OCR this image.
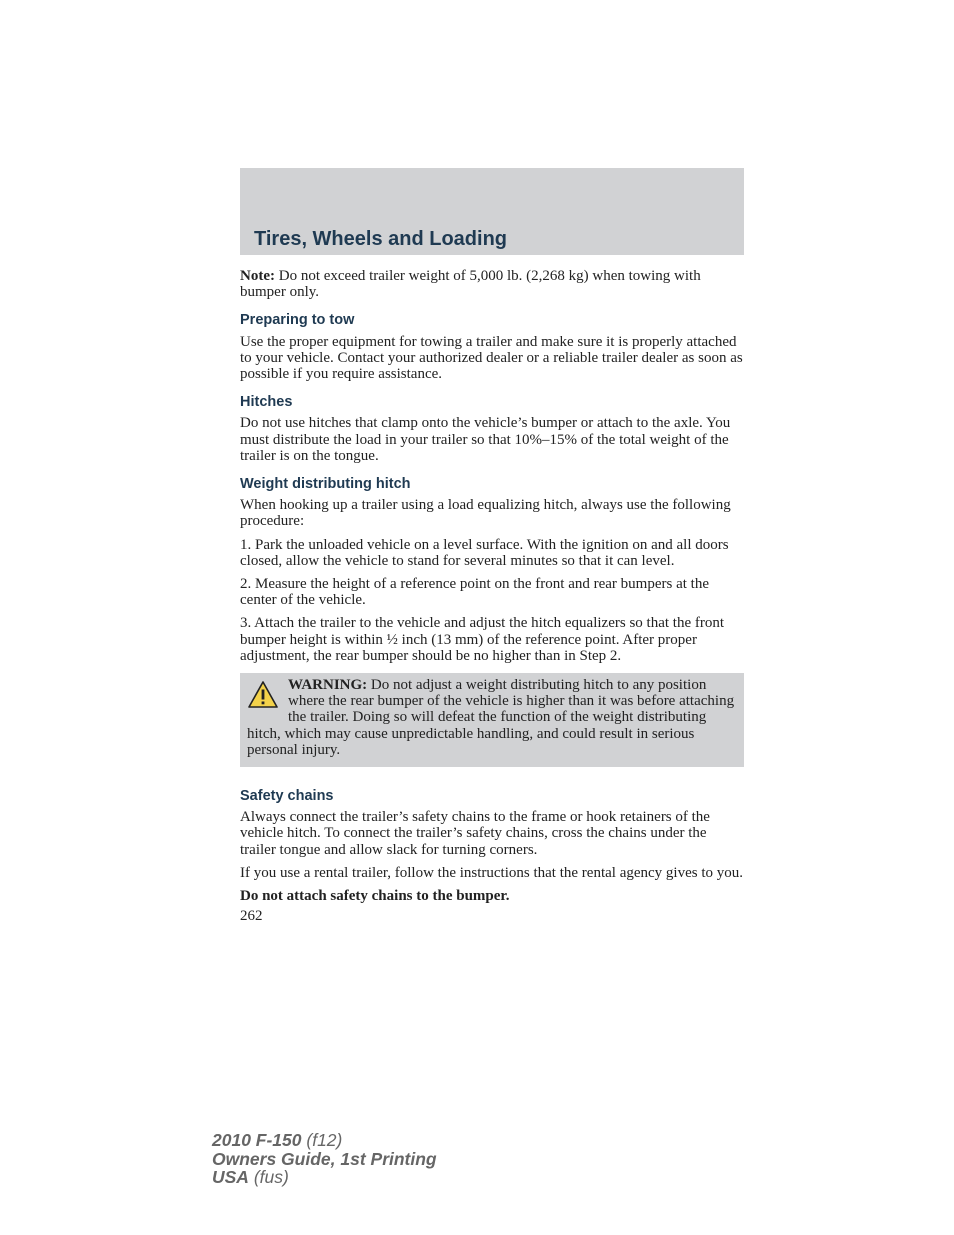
Tires, Wheels and Loading

Note: Do not exceed trailer weight of 5,000 lb. (2,268 kg) when towing with bumper only.

Preparing to tow

Use the proper equipment for towing a trailer and make sure it is properly attached to your vehicle. Contact your authorized dealer or a reliable trailer dealer as soon as possible if you require assistance.

Hitches

Do not use hitches that clamp onto the vehicle’s bumper or attach to the axle. You must distribute the load in your trailer so that 10%–15% of the total weight of the trailer is on the tongue.

Weight distributing hitch

When hooking up a trailer using a load equalizing hitch, always use the following procedure:

1. Park the unloaded vehicle on a level surface. With the ignition on and all doors closed, allow the vehicle to stand for several minutes so that it can level.

2. Measure the height of a reference point on the front and rear bumpers at the center of the vehicle.

3. Attach the trailer to the vehicle and adjust the hitch equalizers so that the front bumper height is within ½ inch (13 mm) of the reference point. After proper adjustment, the rear bumper should be no higher than in Step 2.

WARNING: Do not adjust a weight distributing hitch to any position where the rear bumper of the vehicle is higher than it was before attaching the trailer. Doing so will defeat the function of the weight distributing hitch, which may cause unpredictable handling, and could result in serious personal injury.

Safety chains

Always connect the trailer’s safety chains to the frame or hook retainers of the vehicle hitch. To connect the trailer’s safety chains, cross the chains under the trailer tongue and allow slack for turning corners.

If you use a rental trailer, follow the instructions that the rental agency gives to you.

Do not attach safety chains to the bumper.

262
2010 F-150 (f12)
Owners Guide, 1st Printing
USA (fus)
